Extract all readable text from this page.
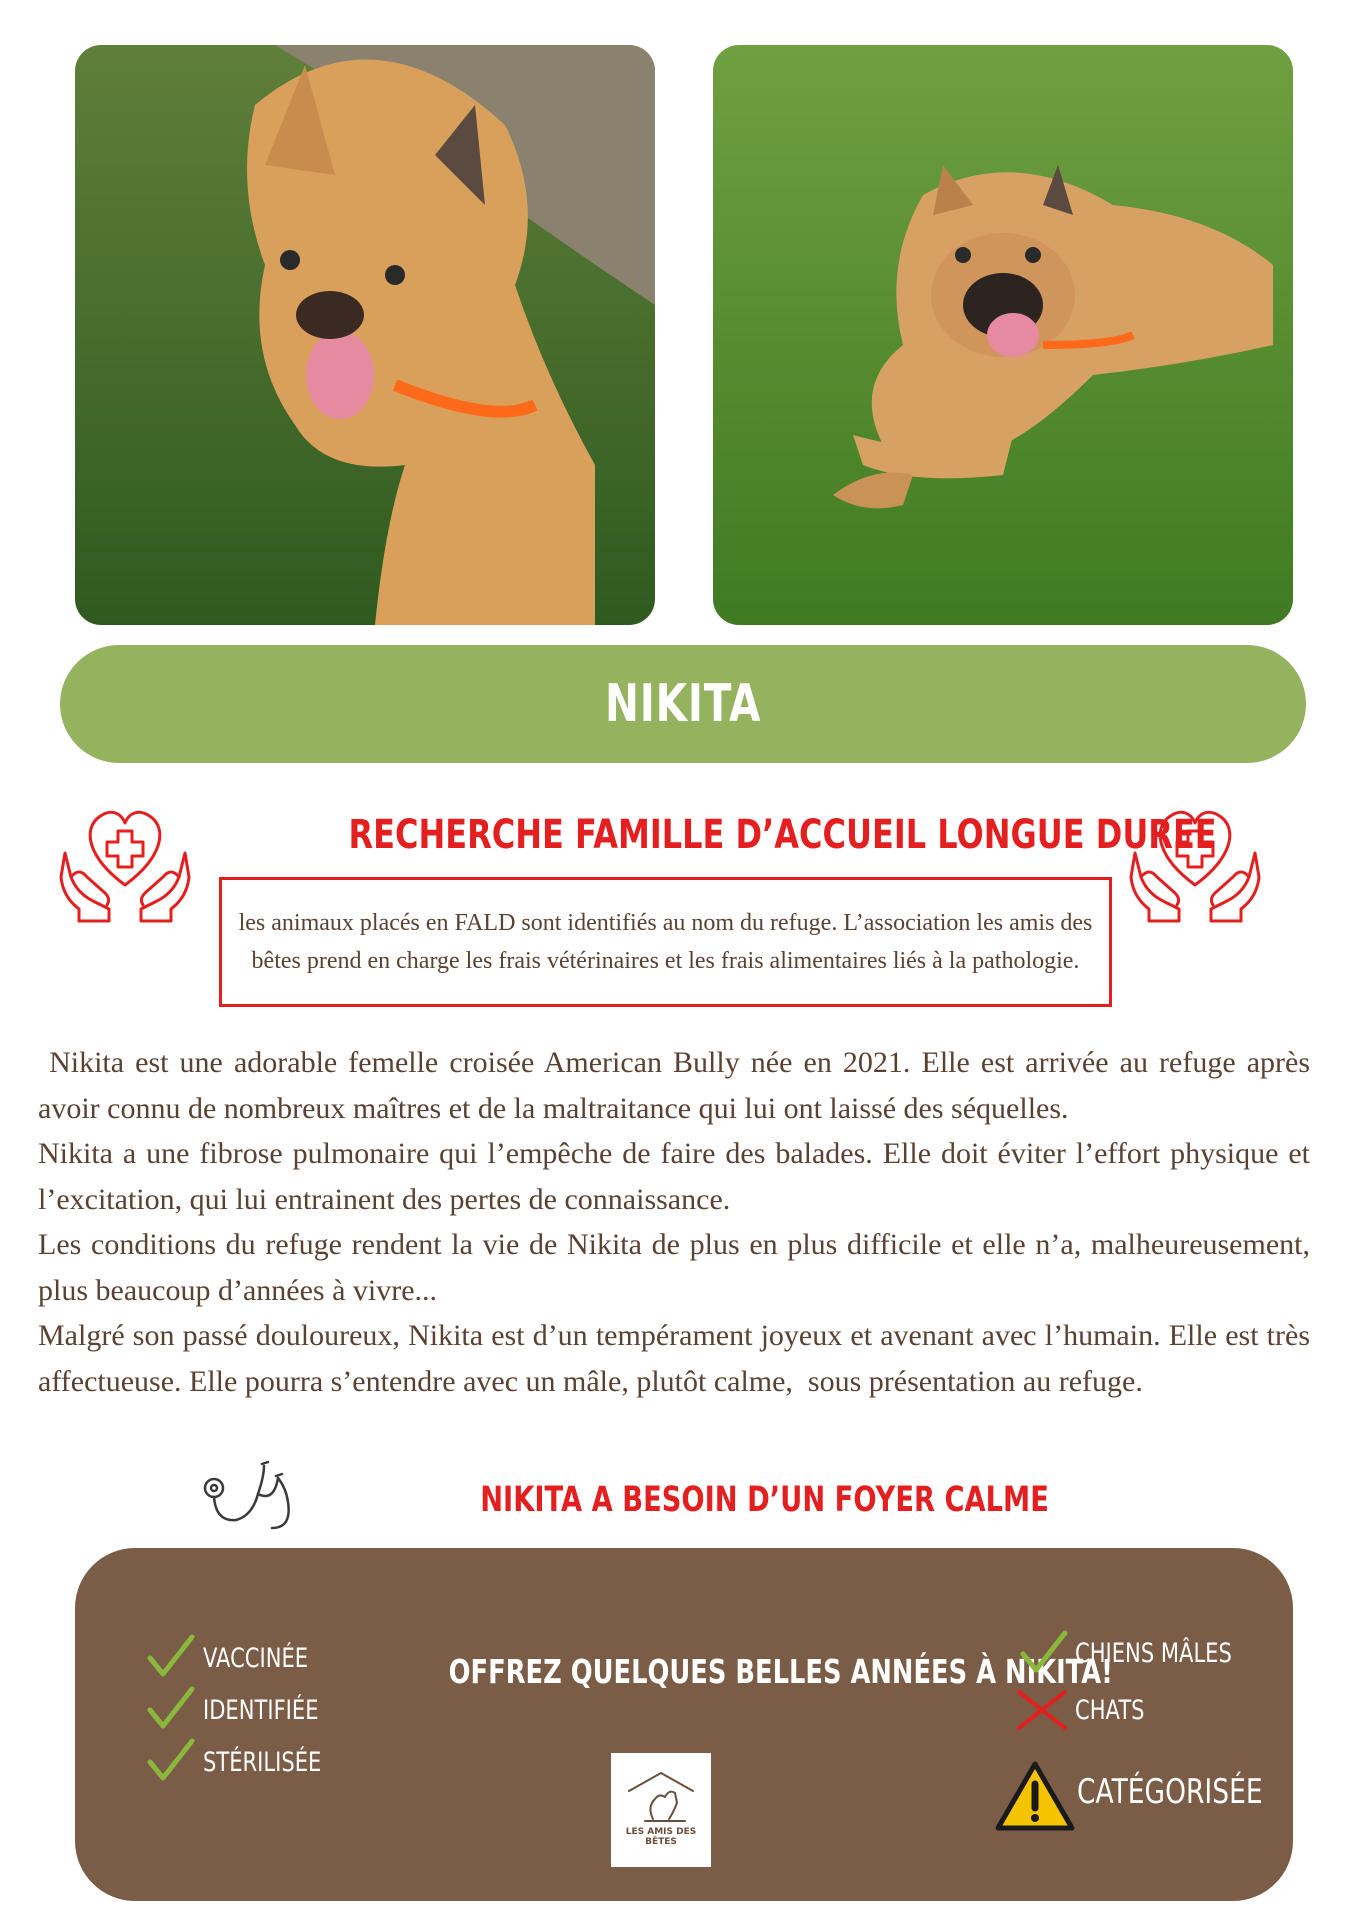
NIKITA
RECHERCHE FAMILLE D’ACCUEIL LONGUE DUREE

les animaux placés en FALD sont identifiés au nom du refuge. L’association les amis des bêtes prend en charge les frais vétérinaires et les frais alimentaires liés à la pathologie.

Nikita est une adorable femelle croisée American Bully née en 2021. Elle est arrivée au refuge après avoir connu de nombreux maîtres et de la maltraitance qui lui ont laissé des séquelles.

Nikita a une fibrose pulmonaire qui l’empêche de faire des balades. Elle doit éviter l’effort physique et l’excitation, qui lui entrainent des pertes de connaissance.

Les conditions du refuge rendent la vie de Nikita de plus en plus difficile et elle n’a, malheureusement, plus beaucoup d’années à vivre...

Malgré son passé douloureux, Nikita est d’un tempérament joyeux et avenant avec l’humain. Elle est très affectueuse. Elle pourra s’entendre avec un mâle, plutôt calme,  sous présentation au refuge.

NIKITA A BESOIN D’UN FOYER CALME
VACCINÉE
IDENTIFIÉE
STÉRILISÉE
OFFREZ QUELQUES BELLES ANNÉES À NIKITA!
CHIENS MÂLES
CHATS
CATÉGORISÉE
LES AMIS DES BÊTES
